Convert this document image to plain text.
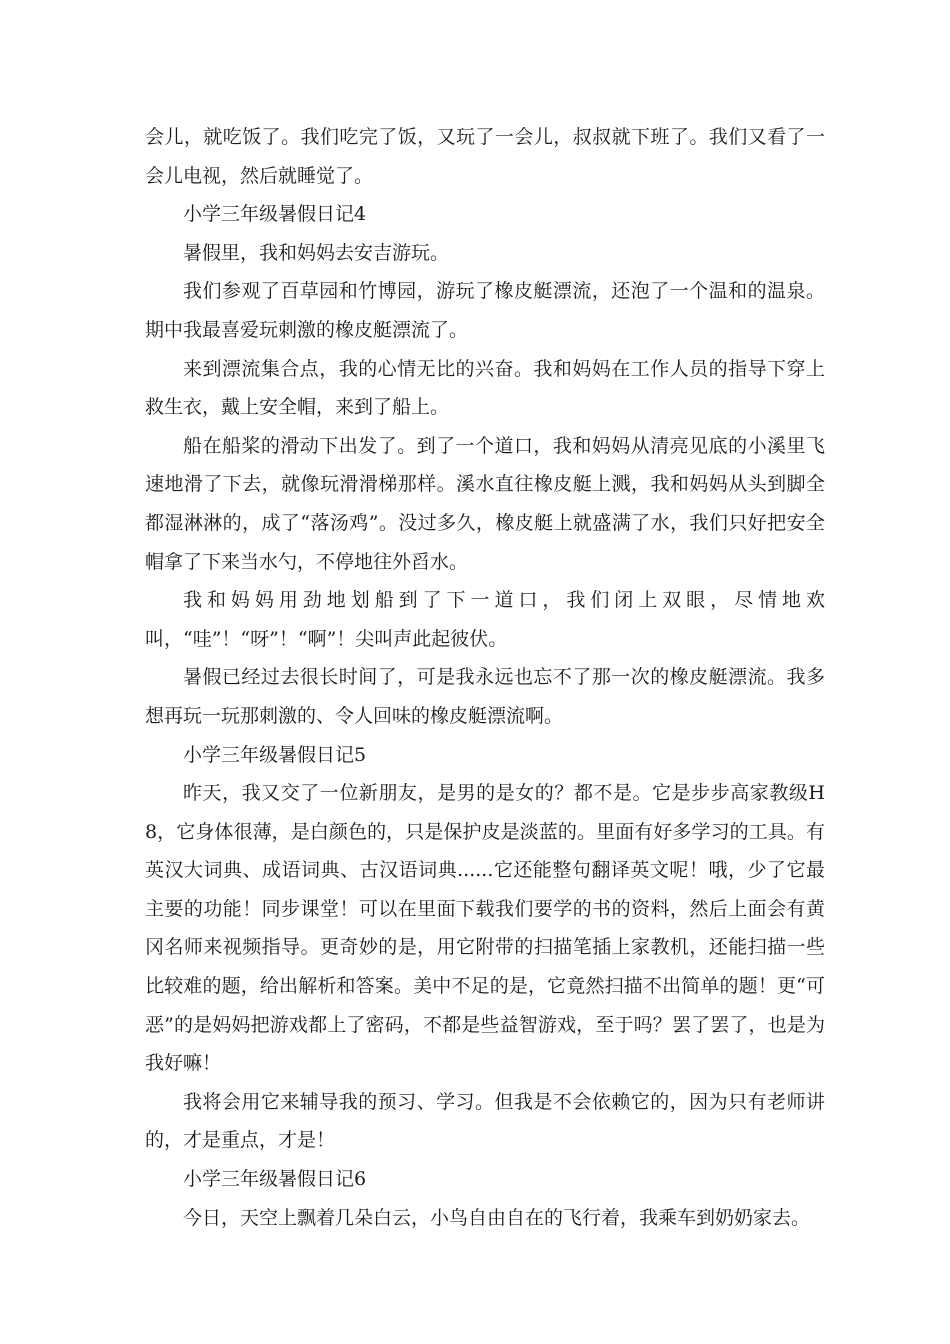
会儿，就吃饭了。我们吃完了饭，又玩了一会儿，叔叔就下班了。我们又看了一会儿电视，然后就睡觉了。

小学三年级暑假日记4

暑假里，我和妈妈去安吉游玩。

我们参观了百草园和竹博园，游玩了橡皮艇漂流，还泡了一个温和的温泉。期中我最喜爱玩刺激的橡皮艇漂流了。

来到漂流集合点，我的心情无比的兴奋。我和妈妈在工作人员的指导下穿上救生衣，戴上安全帽，来到了船上。

船在船桨的滑动下出发了。到了一个道口，我和妈妈从清亮见底的小溪里飞速地滑了下去，就像玩滑滑梯那样。溪水直往橡皮艇上溅，我和妈妈从头到脚全都湿淋淋的，成了“落汤鸡”。没过多久，橡皮艇上就盛满了水，我们只好把安全帽拿了下来当水勺，不停地往外舀水。

我和妈妈用劲地划船到了下一道口，我们闭上双眼，尽情地欢叫，“哇”！“呀”！“啊”！尖叫声此起彼伏。

暑假已经过去很长时间了，可是我永远也忘不了那一次的橡皮艇漂流。我多想再玩一玩那刺激的、令人回味的橡皮艇漂流啊。

小学三年级暑假日记5

昨天，我又交了一位新朋友，是男的是女的？都不是。它是步步高家教级H8，它身体很薄，是白颜色的，只是保护皮是淡蓝的。里面有好多学习的工具。有英汉大词典、成语词典、古汉语词典......它还能整句翻译英文呢！哦，少了它最主要的功能！同步课堂！可以在里面下载我们要学的书的资料，然后上面会有黄冈名师来视频指导。更奇妙的是，用它附带的扫描笔插上家教机，还能扫描一些比较难的题，给出解析和答案。美中不足的是，它竟然扫描不出简单的题！更“可恶”的是妈妈把游戏都上了密码，不都是些益智游戏，至于吗？罢了罢了，也是为我好嘛！

我将会用它来辅导我的预习、学习。但我是不会依赖它的，因为只有老师讲的，才是重点，才是！

小学三年级暑假日记6

今日，天空上飘着几朵白云，小鸟自由自在的飞行着，我乘车到奶奶家去。
